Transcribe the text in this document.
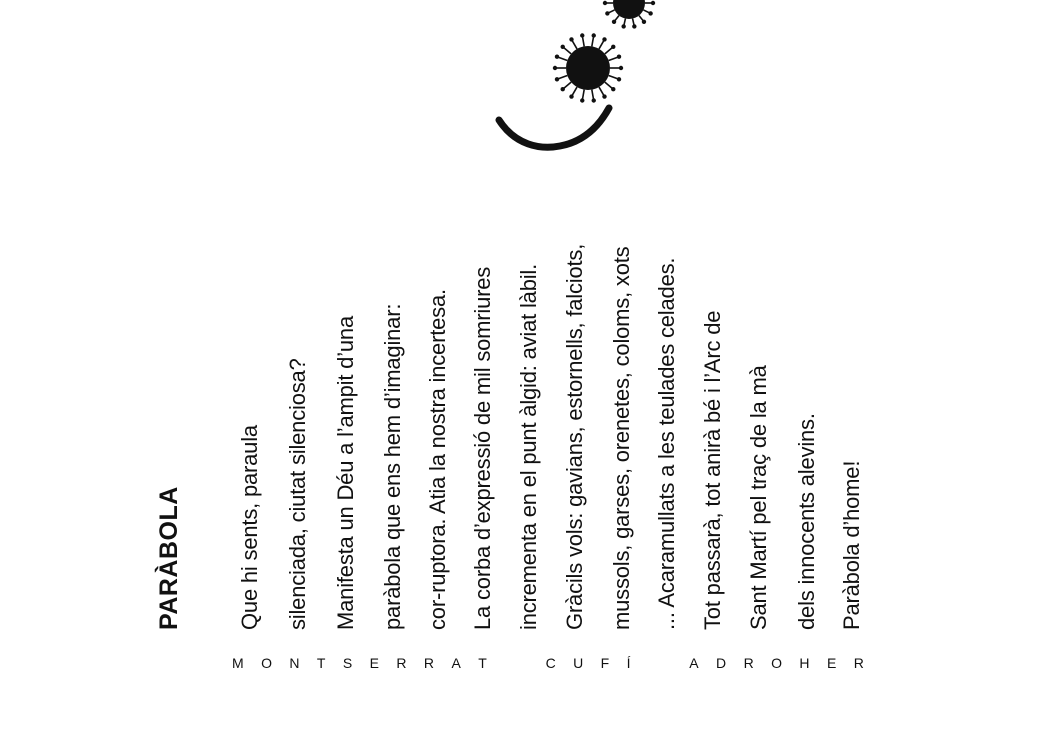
PARÀBOLA Que hi sents, paraula silenciada, ciutat silenciosa? Manifesta un Déu a l’ampit d’una paràbola que ens hem d’imaginar: cor-ruptora. Atia la nostra incertesa. La corba d’expressió de mil somriures incrementa en el punt àlgid: aviat làbil. Gràcils vols: gavians, estornells, falciots, mussols, garses, orenetes, coloms, xots ... Acaramullats a les teulades celades. Tot passarà, tot anirà bé i l’Arc de Sant Martí pel traç de la mà dels innocents alevins. Paràbola d’home!
M O N T S E R R A T
	C U F Í
	A D R O H E R
